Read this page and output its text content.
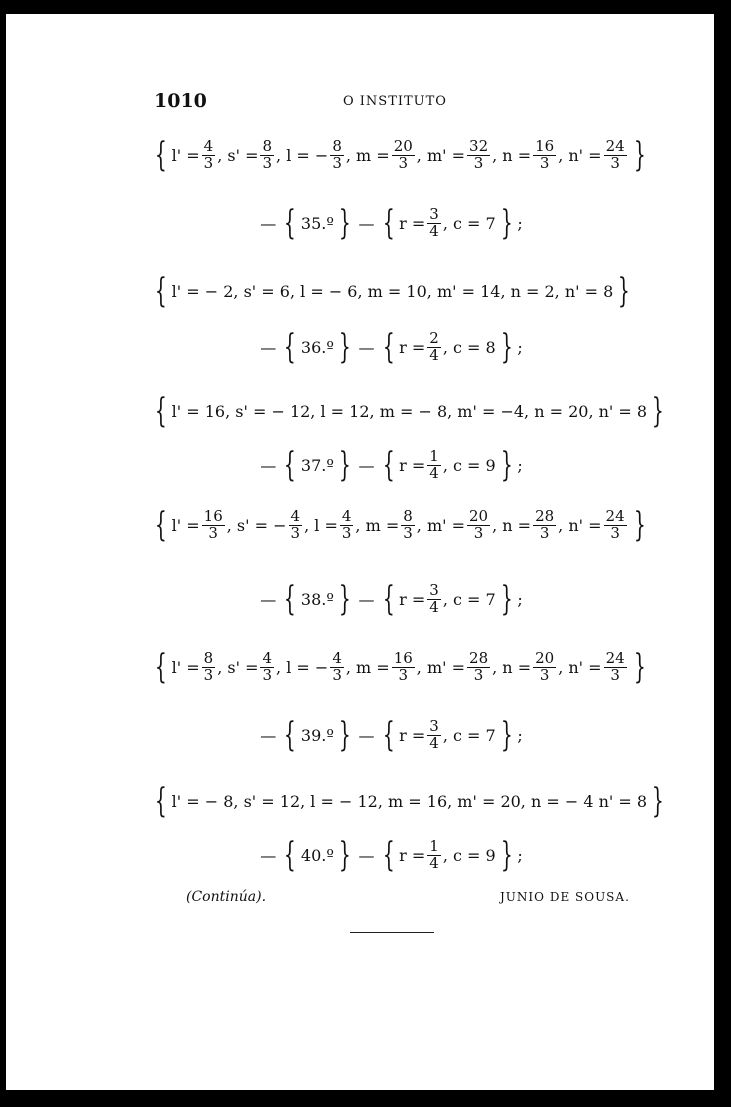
1010	O INSTITUTO
{ $l' = \frac{4}{3}$ , $s' = \frac{8}{3}$ , l = − $\frac{8}{3}$ , $m = \frac{20}{3}$ , $m' = \frac{32}{3}$ , $n = \frac{16}{3}$ , $n' = \frac{24}{3}$ }
— { 35.º } — { $r = \frac{3}{4}$ , c = 7 } ;
{ l' = − 2, s' = 6, l = − 6, m = 10, m' = 14, n = 2, n' = 8 }
— { 36.º } — { $r = \frac{2}{4}$ , c = 8 } ;
{ l' = 16, s' = − 12, l = 12, m = − 8, m' = −4, n = 20, n' = 8 }
— { 37.º } — { $r = \frac{1}{4}$ , c = 9 } ;
{ $l' = \frac{16}{3}$ , s' = − $\frac{4}{3}$ , $l = \frac{4}{3}$ , $m = \frac{8}{3}$ , $m' = \frac{20}{3}$ , $n = \frac{28}{3}$ , $n' = \frac{24}{3}$ }
— { 38.º } — { $r = \frac{3}{4}$ , c = 7 } ;
{ $l' = \frac{8}{3}$ , $s' = \frac{4}{3}$ , l = − $\frac{4}{3}$ , $m = \frac{16}{3}$ , $m' = \frac{28}{3}$ , $n = \frac{20}{3}$ , $n' = \frac{24}{3}$ }
— { 39.º } — { $r = \frac{3}{4}$ , c = 7 } ;
{ l' = − 8, s' = 12, l = − 12, m = 16, m' = 20, n = − 4 n' = 8 }
— { 40.º } — { $r = \frac{1}{4}$ , c = 9 } ;
(Continúa).	JUNIO DE SOUSA.
